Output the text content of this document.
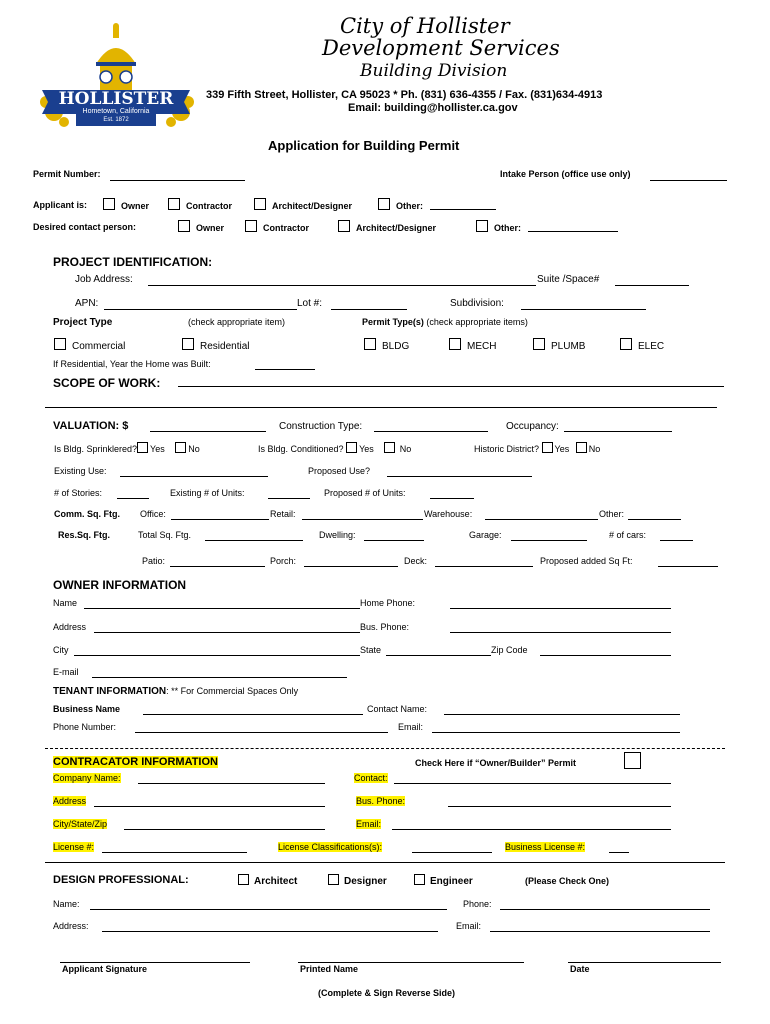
HOLLISTER
Hometown, California
Est. 1872
City of Hollister
Development Services
Building Division
339 Fifth Street, Hollister, CA 95023 * Ph. (831) 636-4355 / Fax. (831)634-4913
Email: building@hollister.ca.gov
Application for Building Permit
Permit Number:	Intake Person (office use only)
Applicant is:	Owner	Contractor	Architect/Designer	Other:
Desired contact person:	Owner	Contractor	Architect/Designer	Other:
PROJECT IDENTIFICATION:
Job Address:	Suite /Space#
APN:	Lot #:	Subdivision:
Project Type	(check appropriate item)	Permit Type(s) (check appropriate items)
Commercial	Residential	BLDG	MECH	PLUMB	ELEC
If Residential, Year the Home was Built:
SCOPE OF WORK:
VALUATION: $	Construction Type:	Occupancy:
Is Bldg. Sprinklered? Yes	No	Is Bldg. Conditioned? Yes	No	Historic District? Yes No
Existing Use:	Proposed Use?
# of Stories:	Existing # of Units:	Proposed # of Units:
Comm. Sq. Ftg. Office:	Retail:	Warehouse:	Other:
Res.Sq. Ftg.	Total Sq. Ftg.	Dwelling:	Garage:	# of cars:
Patio:	Porch:	Deck:	Proposed added Sq Ft:
OWNER INFORMATION
Name	Home Phone:
Address	Bus. Phone:
City	State	Zip Code
E-mail
TENANT INFORMATION: ** For Commercial Spaces Only
Business Name	Contact Name:
Phone Number:	Email:
CONTRACATOR INFORMATION	Check Here if “Owner/Builder” Permit
Company Name:	Contact:
Address	Bus. Phone:
City/State/Zip	Email:
License #:	License Classifications(s):	Business License #:
DESIGN PROFESSIONAL:	Architect	Designer	Engineer	(Please Check One)
Name:	Phone:
Address:	Email:
Applicant Signature	Printed Name	Date
(Complete & Sign Reverse Side)
